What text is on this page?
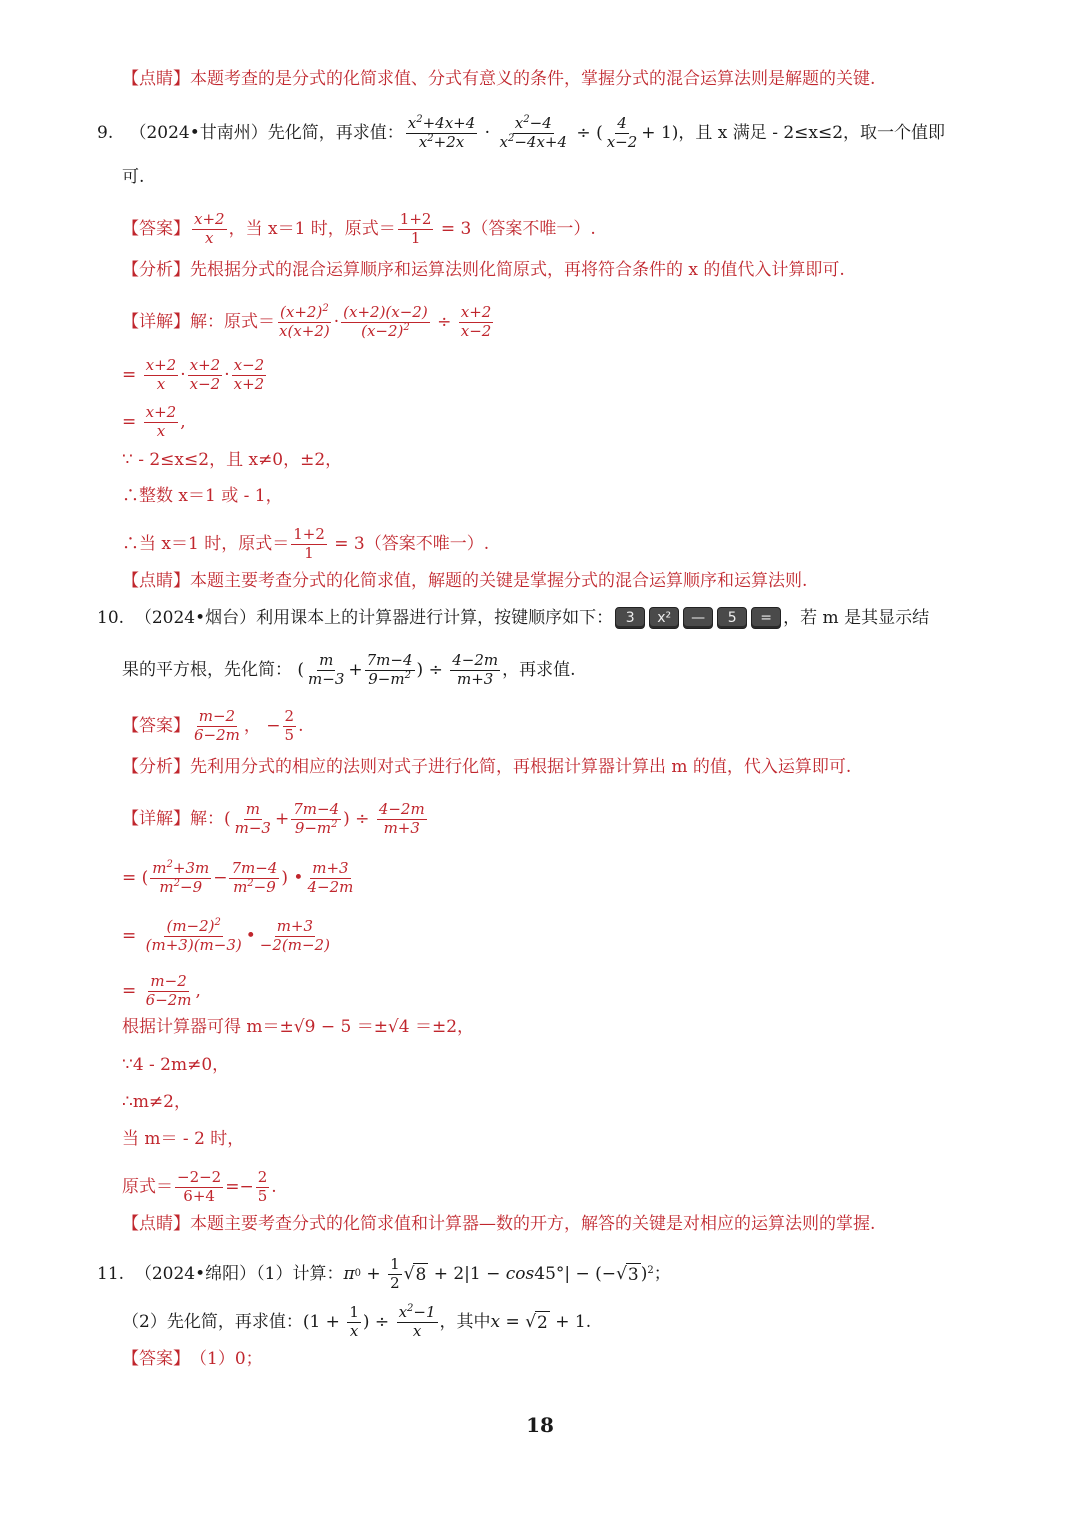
【点睛】 本题考查的是分式的化简求值、分式有意义的条件，掌握分式的混合运算法则是解题的关键.
9.
（2024•甘南州）先化简，再求值： $\frac{x^2+4x+4}{x^2+2x} \cdot \frac{x^2-4}{x^2-4x+4}$ ÷ ( $\frac{4}{x-2} + 1$) ，且 x 满足 - 2≤x≤2，取一个值即
可.
【答案】 $\frac{x+2}{x}$ ，当 x＝1 时，原式＝ $\frac{1+2}{1} = 3$ （答案不唯一）.
【分析】 先根据分式的混合运算顺序和运算法则化简原式，再将符合条件的 x 的值代入计算即可.
【详解】 解：原式＝ $\frac{(x+2)^2}{x(x+2)} \cdot \frac{(x+2)(x-2)}{(x-2)^2} \div \frac{x+2}{x-2}$
= $\frac{x+2}{x} \cdot \frac{x+2}{x-2} \cdot \frac{x-2}{x+2}$
= $\frac{x+2}{x}$ ,
∵ - 2≤x≤2，且 x≠0，±2，
∴整数 x＝1 或 - 1，
∴当 x＝1 时，原式＝ $\frac{1+2}{1} = 3$ （答案不唯一）.
【点睛】 本题主要考查分式的化简求值，解题的关键是掌握分式的混合运算顺序和运算法则.
10.
（2024•烟台）利用课本上的计算器进行计算，按键顺序如下： 3	x²	—	5	= ，若 m 是其显示结
果的平方根，先化简： ( $\frac{m}{m-3} + \frac{7m-4}{9-m^2}$ ) ÷ $\frac{4-2m}{m+3}$ ，再求值.
【答案】 $\frac{m-2}{6-2m}$ ， − $\frac{2}{5}$ .
【分析】 先利用分式的相应的法则对式子进行化简，再根据计算器计算出 m 的值，代入运算即可.
【详解】 解： ( $\frac{m}{m-3} + \frac{7m-4}{9-m^2}$ ) ÷ $\frac{4-2m}{m+3}$
= ( $\frac{m^2+3m}{m^2-9} - \frac{7m-4}{m^2-9}$ ) • $\frac{m+3}{4-2m}$
= $\frac{(m-2)^2}{(m+3)(m-3)}$ • $\frac{m+3}{-2(m-2)}$
= $\frac{m-2}{6-2m}$ ,
根据计算器可得 m＝±√9 − 5 ＝±√4 ＝±2，
∵4 - 2m≠0，
∴m≠2，
当 m＝ - 2 时，
原式＝ $\frac{-2-2}{6+4} =- \frac{2}{5}$ .
【点睛】 本题主要考查分式的化简求值和计算器—数的开方，解答的关键是对相应的运算法则的掌握.
11.
（2024•绵阳）（1）计算： π $0 + \frac{1}{2}$ √ 8 + 2|1 − cos 45°| − (− √ 3 )$^2$；
（2）先化简，再求值： ($1 + \frac{1}{x}$ ) ÷ $\frac{x^2-1}{x}$ ，其中 x = √ 2 + 1.
【答案】 （1）0；
18
